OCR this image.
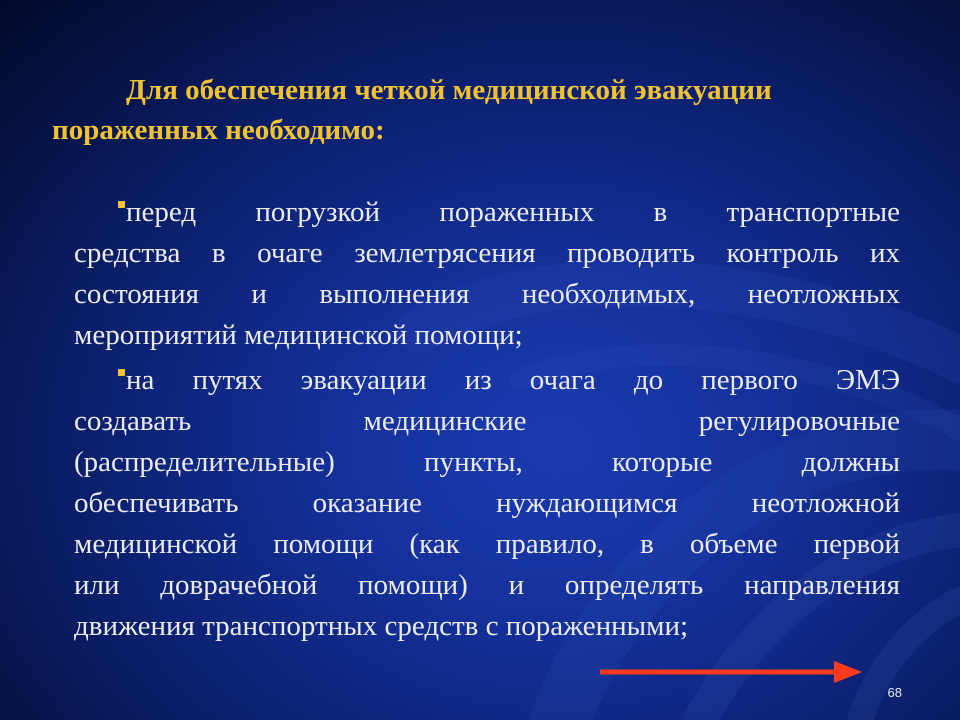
Для обеспечения четкой медицинской эвакуации
пораженных необходимо:
перед погрузкой пораженных в транспортные
средства в очаге землетрясения проводить контроль их
состояния и выполнения необходимых, неотложных
мероприятий медицинской помощи;
на путях эвакуации из очага до первого ЭМЭ
создавать медицинские регулировочные
(распределительные) пункты, которые должны
обеспечивать оказание нуждающимся неотложной
медицинской помощи (как правило, в объеме первой
или доврачебной помощи) и определять направления
движения транспортных средств с пораженными;
68
